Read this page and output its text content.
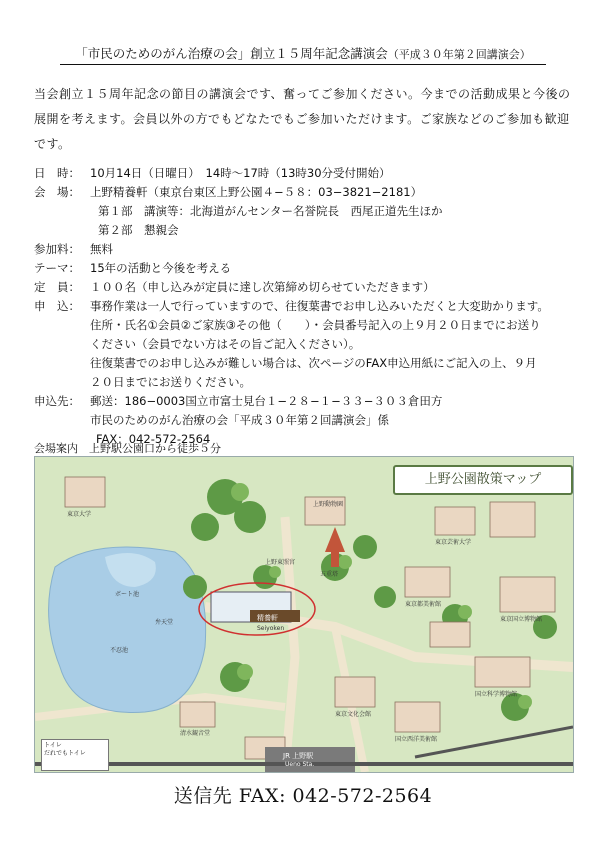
「市民のためのがん治療の会」創立１５周年記念講演会（平成３０年第２回講演会）
当会創立１５周年記念の節目の講演会です、奮ってご参加ください。今までの活動成果と今後の展開を考えます。会員以外の方でもどなたでもご参加いただけます。ご家族などのご参加も歓迎です。
日　時： 10月14日（日曜日）　14時〜17時（13時30分受付開始）
会　場： 上野精養軒（東京台東区上野公園４−５８：03−3821−2181）
第１部　講演等：北海道がんセンター名誉院長　西尾正道先生ほか
第２部　懇親会
参加料： 無料
テーマ： 15年の活動と今後を考える
定　員： １００名（申し込みが定員に達し次第締め切らせていただきます）
申　込： 事務作業は一人で行っていますので、往復葉書でお申し込みいただくと大変助かります。
住所・氏名①会員②ご家族③その他（　　）・会員番号記入の上９月２０日までにお送り
ください（会員でない方はその旨ご記入ください）。
往復葉書でのお申し込みが難しい場合は、次ページのFAX申込用紙にご記入の上、９月
２０日までにお送りください。
申込先： 郵送：186−0003国立市富士見台１−２８−１−３３−３０３倉田方
市民のためのがん治療の会「平成３０年第２回講演会」係
FAX：042-572-2564
会場案内　 上野駅公園口から徒歩５分
上野公園散策マップ
東京大学
上野動物園
不忍池
ボート池
五重塔
上野東照宮
精養軒
Seiyoken
東京国立博物館
国立科学博物館
東京芸術大学
東京都美術館
国立西洋美術館
東京文化会館
清水観音堂
弁天堂
JR 上野駅
Ueno Sta.
トイレ
だれでもトイレ
送信先 FAX: 042-572-2564
